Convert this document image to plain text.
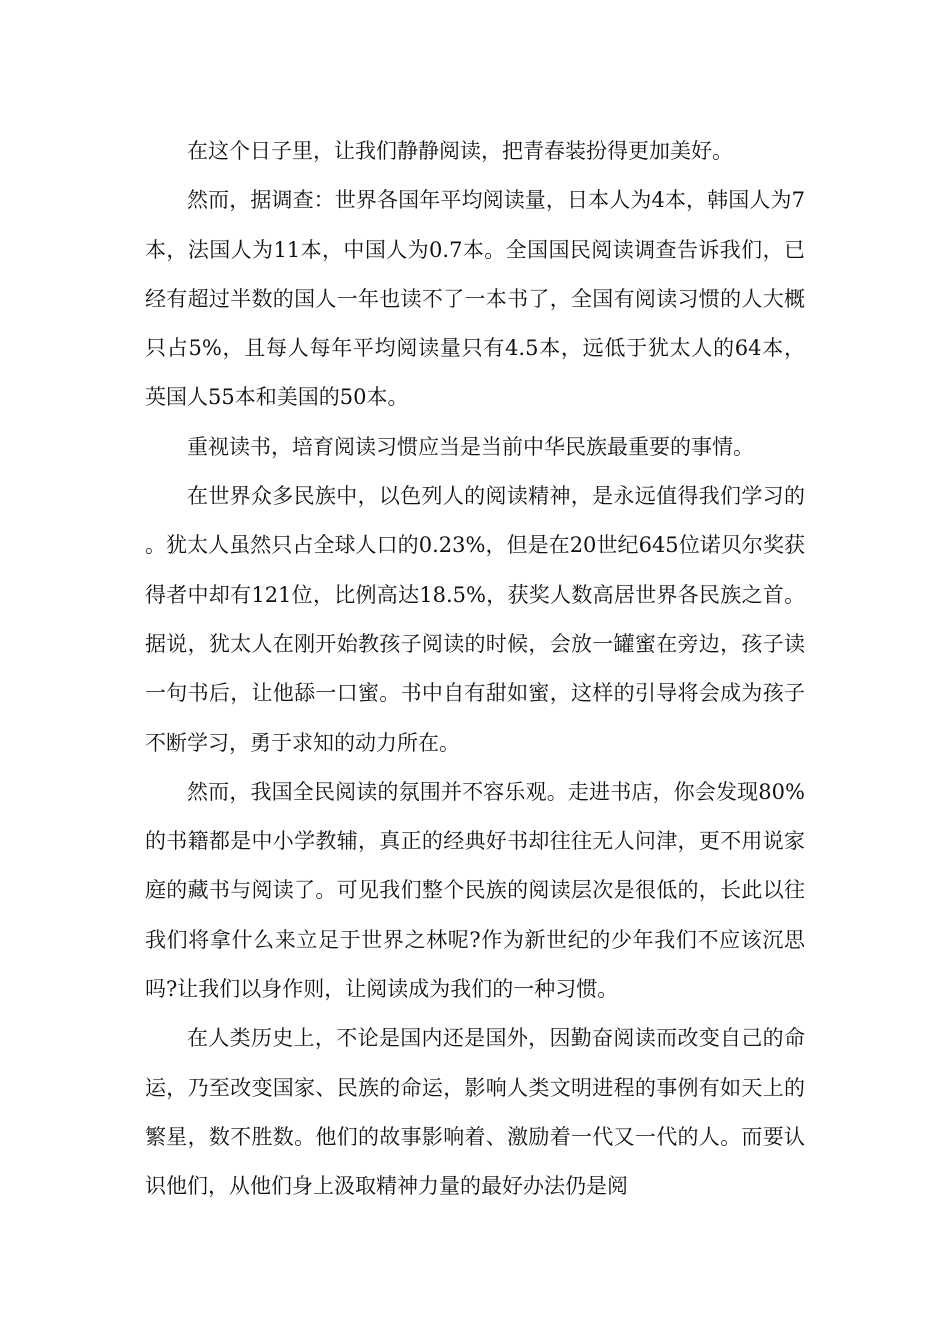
在这个日子里，让我们静静阅读，把青春装扮得更加美好。

然而，据调查：世界各国年平均阅读量，日本人为4本，韩国人为7本，法国人为11本，中国人为0.7本。全国国民阅读调查告诉我们，已经有超过半数的国人一年也读不了一本书了，全国有阅读习惯的人大概只占5%，且每人每年平均阅读量只有4.5本，远低于犹太人的64本，英国人55本和美国的50本。

重视读书，培育阅读习惯应当是当前中华民族最重要的事情。

在世界众多民族中，以色列人的阅读精神，是永远值得我们学习的。犹太人虽然只占全球人口的0.23%，但是在20世纪645位诺贝尔奖获得者中却有121位，比例高达18.5%，获奖人数高居世界各民族之首。据说，犹太人在刚开始教孩子阅读的时候，会放一罐蜜在旁边，孩子读一句书后，让他舔一口蜜。书中自有甜如蜜，这样的引导将会成为孩子不断学习，勇于求知的动力所在。

然而，我国全民阅读的氛围并不容乐观。走进书店，你会发现80%的书籍都是中小学教辅，真正的经典好书却往往无人问津，更不用说家庭的藏书与阅读了。可见我们整个民族的阅读层次是很低的，长此以往我们将拿什么来立足于世界之林呢?作为新世纪的少年我们不应该沉思吗?让我们以身作则，让阅读成为我们的一种习惯。

在人类历史上，不论是国内还是国外，因勤奋阅读而改变自己的命运，乃至改变国家、民族的命运，影响人类文明进程的事例有如天上的繁星，数不胜数。他们的故事影响着、激励着一代又一代的人。而要认识他们，从他们身上汲取精神力量的最好办法仍是阅
